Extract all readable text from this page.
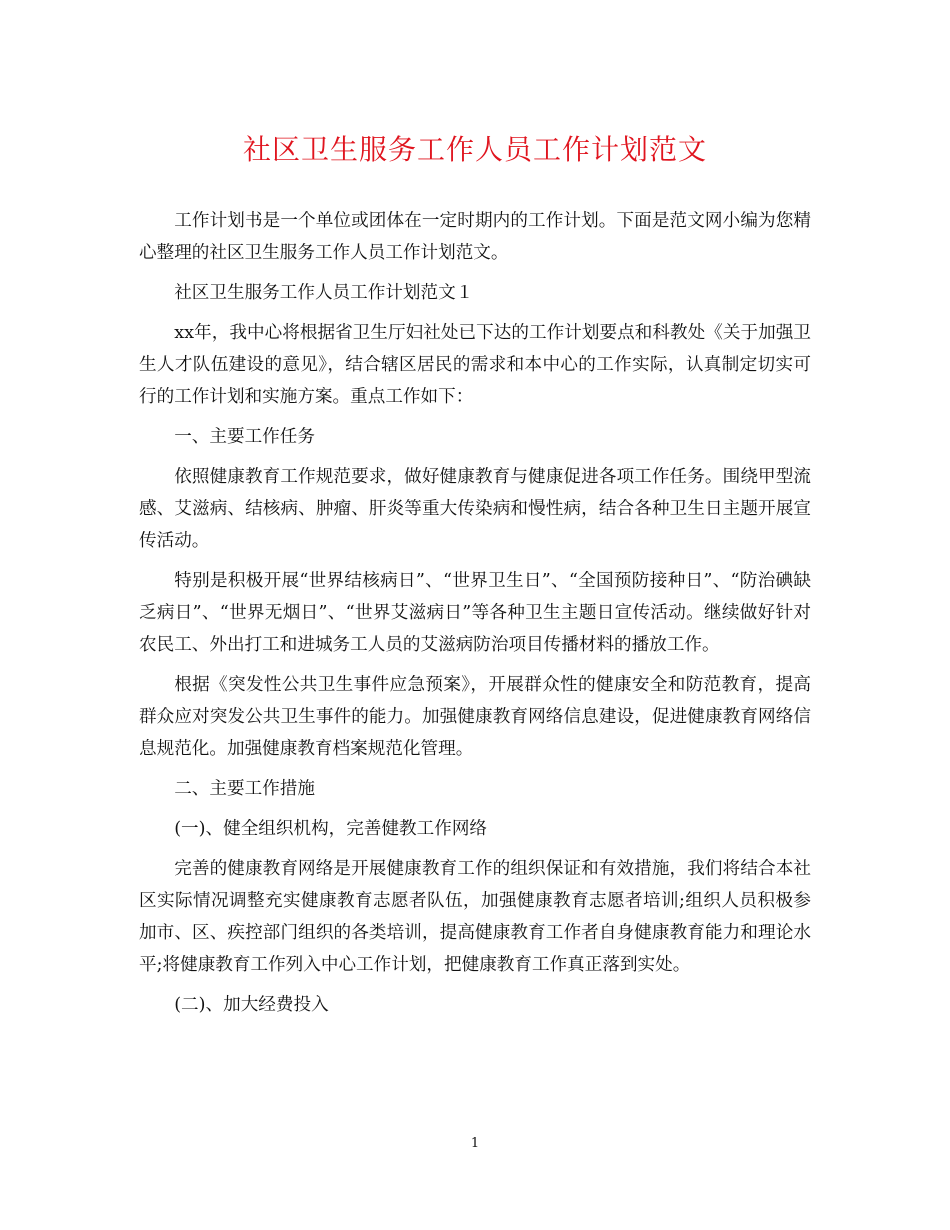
社区卫生服务工作人员工作计划范文

工作计划书是一个单位或团体在一定时期内的工作计划。下面是范文网小编为您精心整理的社区卫生服务工作人员工作计划范文。

社区卫生服务工作人员工作计划范文１

xx年，我中心将根据省卫生厅妇社处已下达的工作计划要点和科教处《关于加强卫生人才队伍建设的意见》，结合辖区居民的需求和本中心的工作实际，认真制定切实可行的工作计划和实施方案。重点工作如下：

一、主要工作任务

依照健康教育工作规范要求，做好健康教育与健康促进各项工作任务。围绕甲型流感、艾滋病、结核病、肿瘤、肝炎等重大传染病和慢性病，结合各种卫生日主题开展宣传活动。

特别是积极开展“世界结核病日”、“世界卫生日”、“全国预防接种日”、“防治碘缺乏病日”、“世界无烟日”、“世界艾滋病日”等各种卫生主题日宣传活动。继续做好针对农民工、外出打工和进城务工人员的艾滋病防治项目传播材料的播放工作。

根据《突发性公共卫生事件应急预案》，开展群众性的健康安全和防范教育，提高群众应对突发公共卫生事件的能力。加强健康教育网络信息建设，促进健康教育网络信息规范化。加强健康教育档案规范化管理。

二、主要工作措施

(一)、健全组织机构，完善健教工作网络

完善的健康教育网络是开展健康教育工作的组织保证和有效措施，我们将结合本社区实际情况调整充实健康教育志愿者队伍，加强健康教育志愿者培训;组织人员积极参加市、区、疾控部门组织的各类培训，提高健康教育工作者自身健康教育能力和理论水平;将健康教育工作列入中心工作计划，把健康教育工作真正落到实处。

(二)、加大经费投入

1
